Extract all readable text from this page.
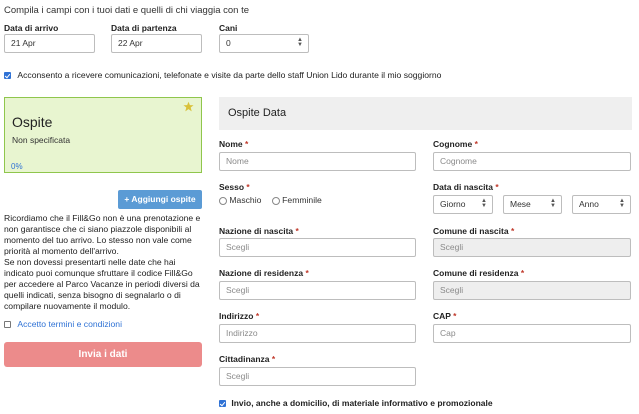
Compila i campi con i tuoi dati e quelli di chi viaggia con te
Data di arrivo
21 Apr
Data di partenza
22 Apr
Cani
0	▲
▼
Acconsento a ricevere comunicazioni, telefonate e visite da parte dello staff Union Lido durante il mio soggiorno
Ospite
Non specificata
0%
+ Aggiungi ospite

Ricordiamo che il Fill&Go non è una prenotazione e non garantisce che ci siano piazzole disponibili al momento del tuo arrivo. Lo stesso non vale come priorità al momento dell'arrivo.

Se non dovessi presentarti nelle date che hai indicato puoi comunque sfruttare il codice Fill&Go per accedere al Parco Vacanze in periodi diversi da quelli indicati, senza bisogno di segnalarlo o di compilare nuovamente il modulo.

Accetto termini e condizioni
Invia i dati
Ospite Data
Nome *
Nome
Cognome *
Cognome
Sesso *
Maschio Femminile
Data di nascita *
Giorno	▲
▼	Mese	▲
▼	Anno	▲
▼
Nazione di nascita *
Scegli
Comune di nascita *
Scegli
Nazione di residenza *
Scegli
Comune di residenza *
Scegli
Indirizzo *
Indirizzo
CAP *
Cap
Cittadinanza *
Scegli
Invio, anche a domicilio, di materiale informativo e promozionale
